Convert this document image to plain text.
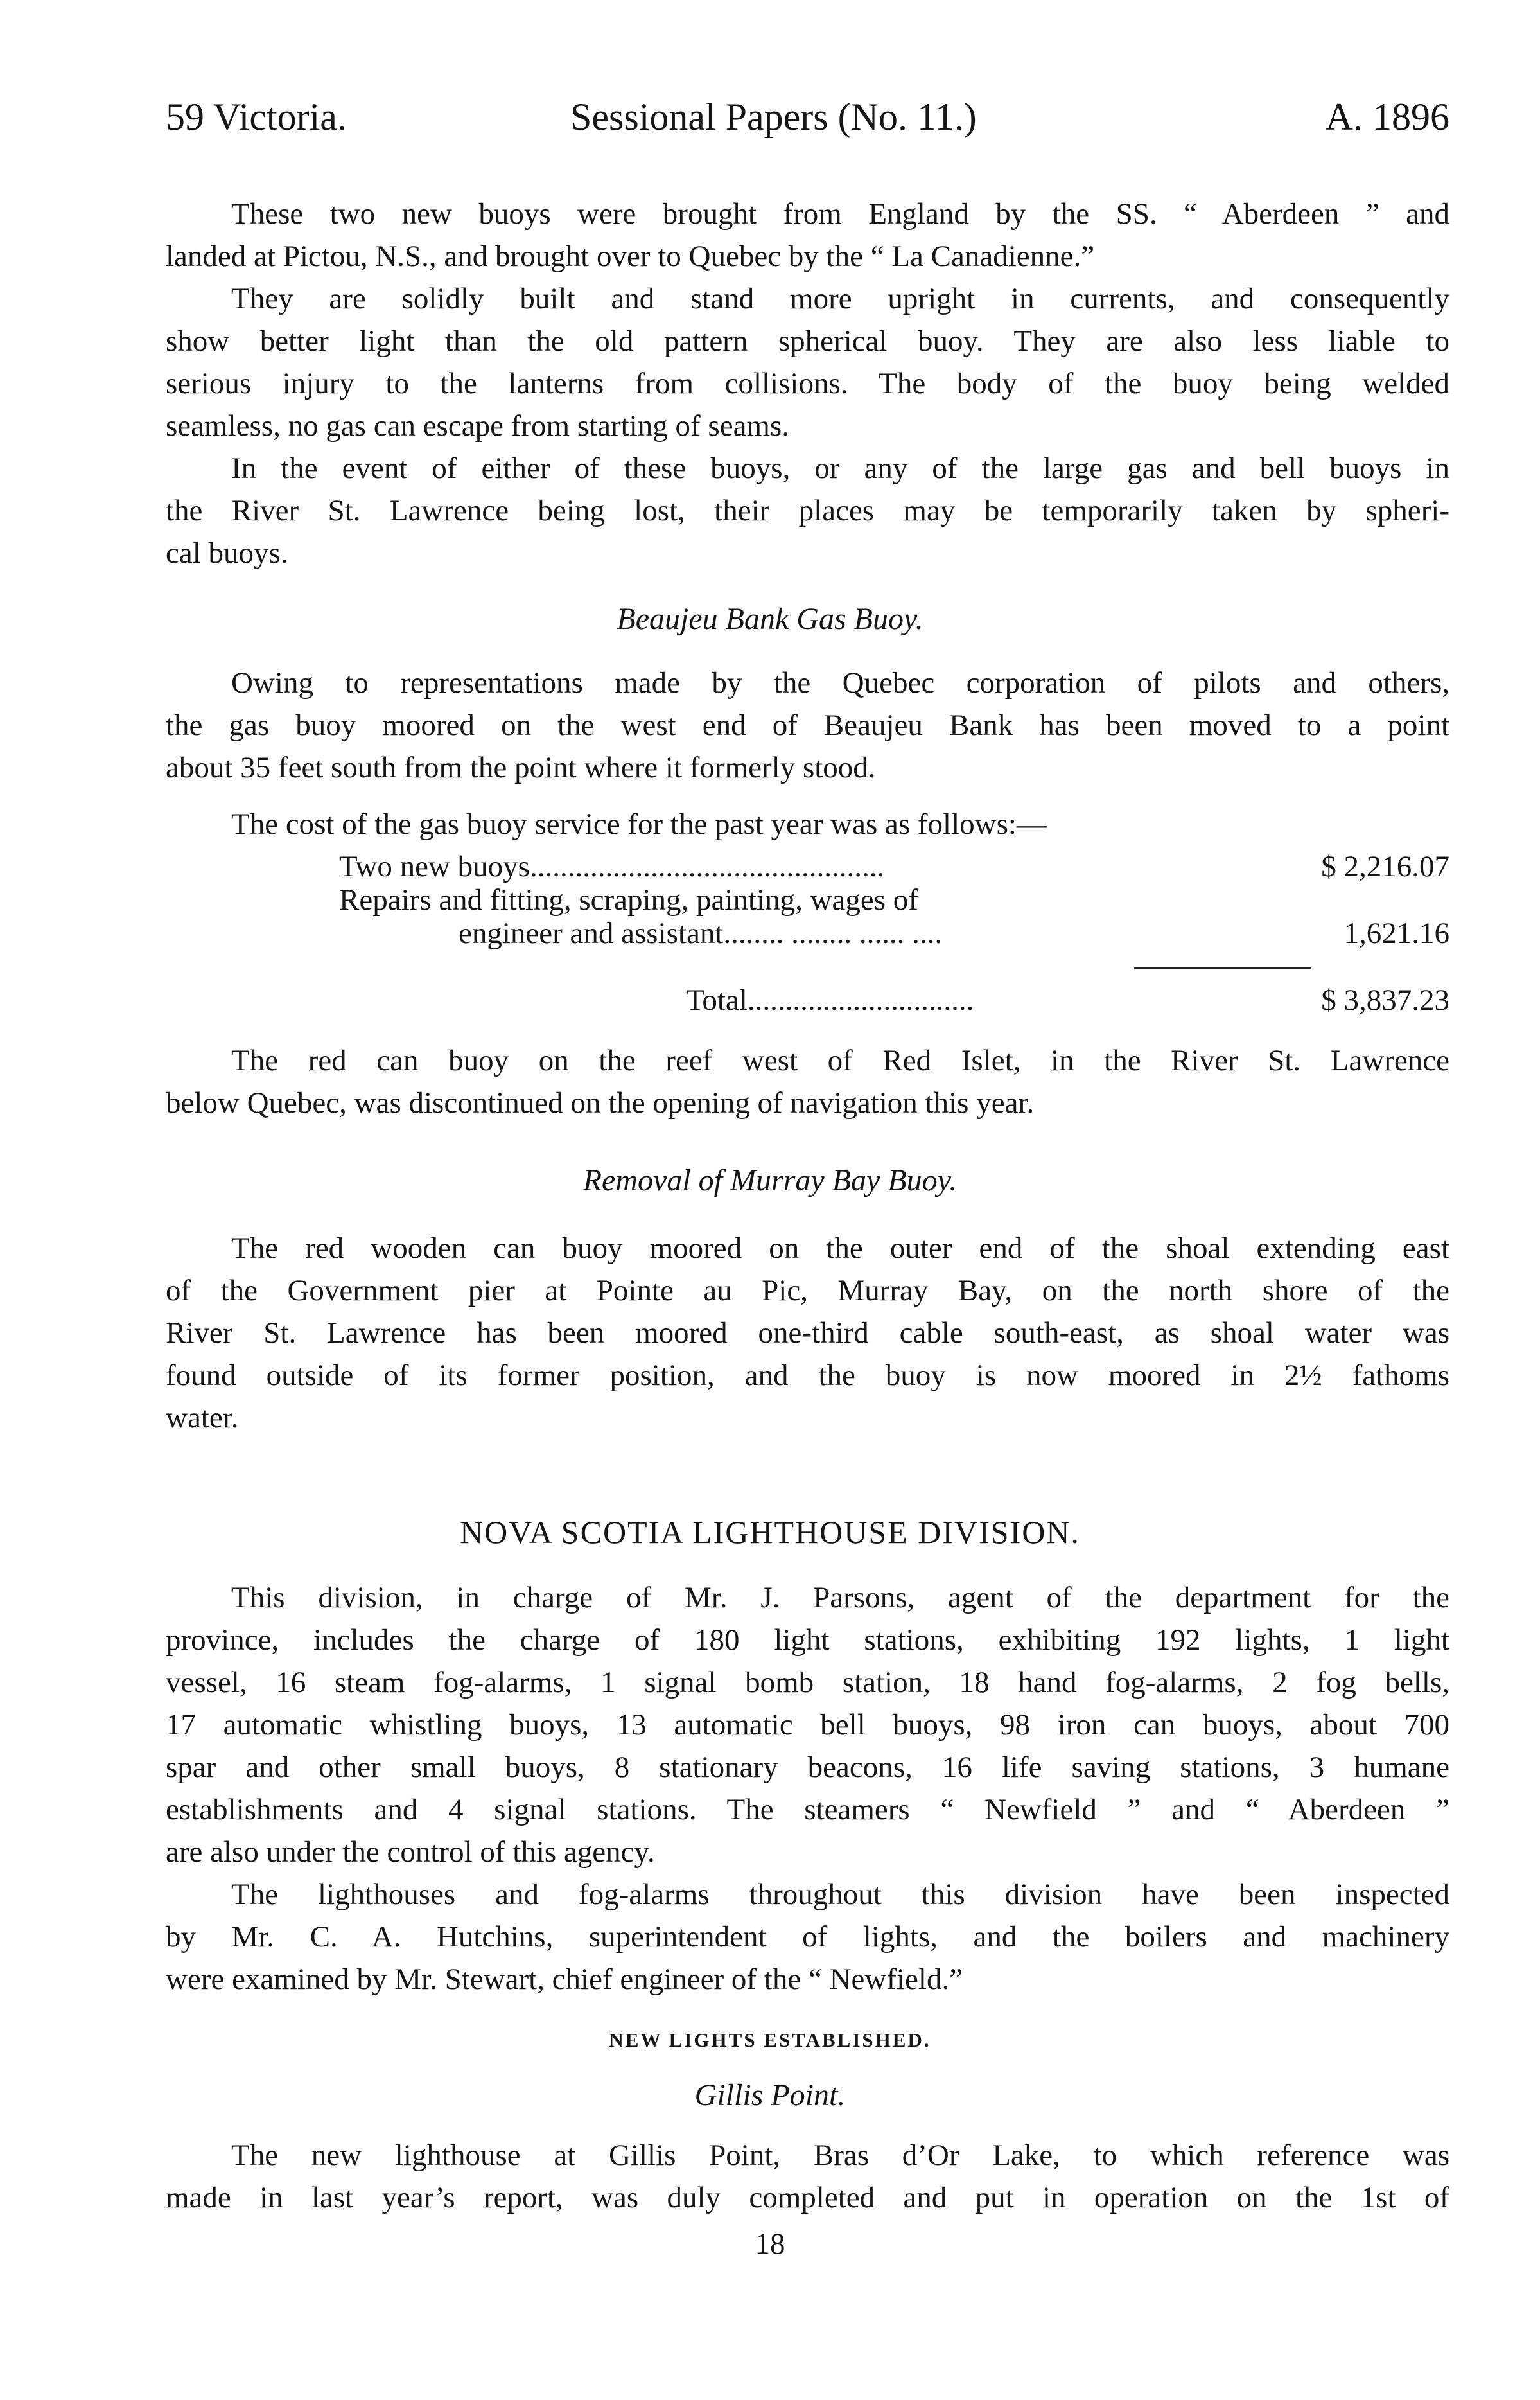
59 Victoria.	Sessional Papers (No. 11.)	A. 1896

These two new buoys were brought from England by the SS. “ Aberdeen ” and
landed at Pictou, N.S., and brought over to Quebec by the “ La Canadienne.”

They are solidly built and stand more upright in currents, and consequently
show better light than the old pattern spherical buoy. They are also less liable to
serious injury to the lanterns from collisions. The body of the buoy being welded
seamless, no gas can escape from starting of seams.

In the event of either of these buoys, or any of the large gas and bell buoys in
the River St. Lawrence being lost, their places may be temporarily taken by spheri-
cal buoys.

Beaujeu Bank Gas Buoy.

Owing to representations made by the Quebec corporation of pilots and others,
the gas buoy moored on the west end of Beaujeu Bank has been moved to a point
about 35 feet south from the point where it formerly stood.

The cost of the gas buoy service for the past year was as follows:—
Two new buoys...............................................	$ 2,216.07
Repairs and fitting, scraping, painting, wages of
engineer and assistant........ ........ ...... ....	1,621.16
Total..............................	$ 3,837.23

The red can buoy on the reef west of Red Islet, in the River St. Lawrence
below Quebec, was discontinued on the opening of navigation this year.

Removal of Murray Bay Buoy.

The red wooden can buoy moored on the outer end of the shoal extending east
of the Government pier at Pointe au Pic, Murray Bay, on the north shore of the
River St. Lawrence has been moored one-third cable south-east, as shoal water was
found outside of its former position, and the buoy is now moored in 2½ fathoms
water.

NOVA SCOTIA LIGHTHOUSE DIVISION.

This division, in charge of Mr. J. Parsons, agent of the department for the
province, includes the charge of 180 light stations, exhibiting 192 lights, 1 light
vessel, 16 steam fog-alarms, 1 signal bomb station, 18 hand fog-alarms, 2 fog bells,
17 automatic whistling buoys, 13 automatic bell buoys, 98 iron can buoys, about 700
spar and other small buoys, 8 stationary beacons, 16 life saving stations, 3 humane
establishments and 4 signal stations. The steamers “ Newfield ” and “ Aberdeen ”
are also under the control of this agency.

The lighthouses and fog-alarms throughout this division have been inspected
by Mr. C. A. Hutchins, superintendent of lights, and the boilers and machinery
were examined by Mr. Stewart, chief engineer of the “ Newfield.”

NEW LIGHTS ESTABLISHED.
Gillis Point.

The new lighthouse at Gillis Point, Bras d’Or Lake, to which reference was
made in last year’s report, was duly completed and put in operation on the 1st of

18
